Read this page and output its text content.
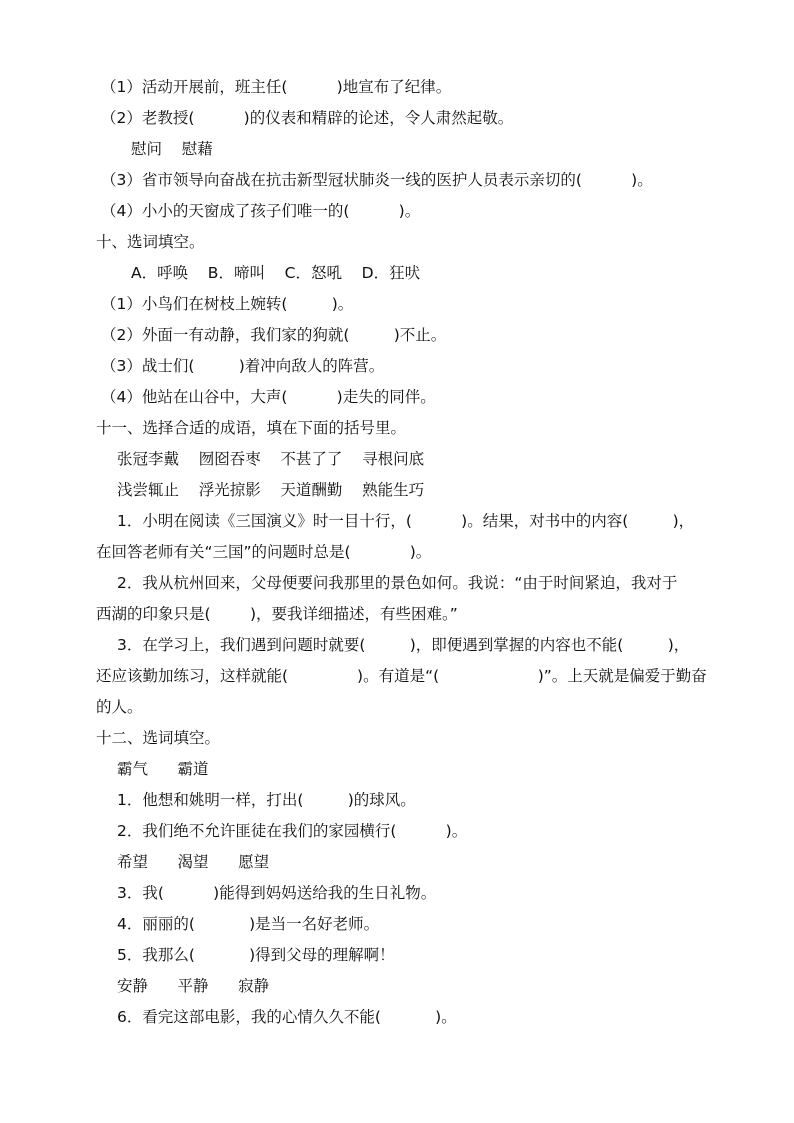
（1）活动开展前，班主任(          )地宣布了纪律。
（2）老教授(          )的仪表和精辟的论述，令人肃然起敬。
慰问    慰藉
（3）省市领导向奋战在抗击新型冠状肺炎一线的医护人员表示亲切的(          )。
（4）小小的天窗成了孩子们唯一的(          )。
十、选词填空。
A．呼唤    B．啼叫    C．怒吼    D．狂吠
（1）小鸟们在树枝上婉转(         )。
（2）外面一有动静，我们家的狗就(         )不止。
（3）战士们(         )着冲向敌人的阵营。
（4）他站在山谷中，大声(          )走失的同伴。
十一、选择合适的成语，填在下面的括号里。
张冠李戴    囫囵吞枣    不甚了了    寻根问底
浅尝辄止    浮光掠影    天道酬勤    熟能生巧
1．小明在阅读《三国演义》时一目十行，(          )。结果，对书中的内容(         )，
在回答老师有关“三国”的问题时总是(            )。
2．我从杭州回来，父母便要问我那里的景色如何。我说：“由于时间紧迫，我对于
西湖的印象只是(        )，要我详细描述，有些困难。”
3．在学习上，我们遇到问题时就要(         )，即便遇到掌握的内容也不能(         )，
还应该勤加练习，这样就能(              )。有道是“(                    )”。上天就是偏爱于勤奋
的人。
十二、选词填空。
霸气      霸道
1．他想和姚明一样，打出(         )的球风。
2．我们绝不允许匪徒在我们的家园横行(          )。
希望      渴望      愿望
3．我(          )能得到妈妈送给我的生日礼物。
4．丽丽的(           )是当一名好老师。
5．我那么(           )得到父母的理解啊！
安静      平静      寂静
6．看完这部电影，我的心情久久不能(           )。
